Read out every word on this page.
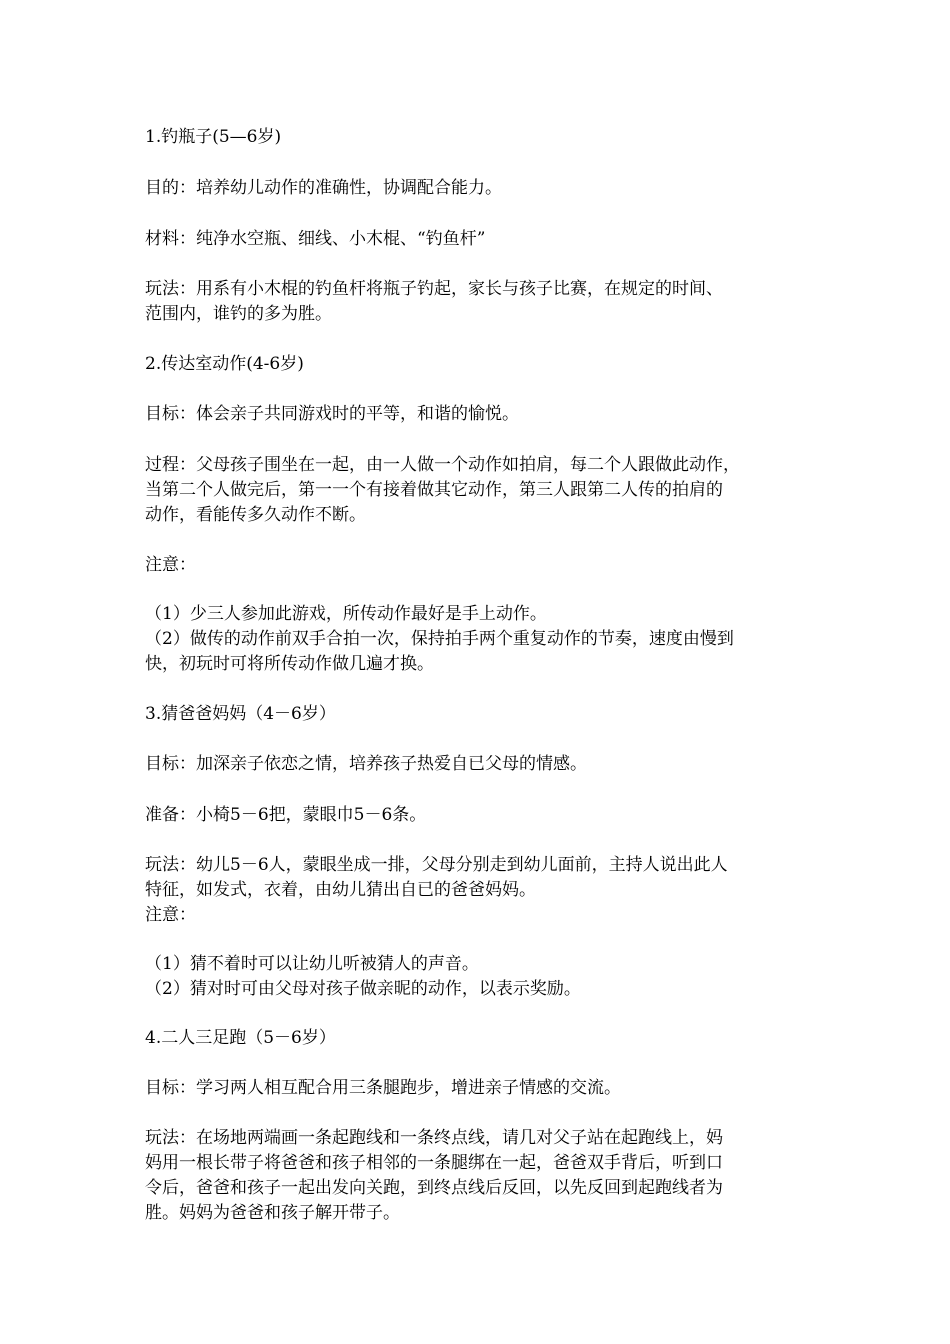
1.钓瓶子(5—6岁)
目的：培养幼儿动作的准确性，协调配合能力。
材料：纯净水空瓶、细线、小木棍、“钓鱼杆”
玩法：用系有小木棍的钓鱼杆将瓶子钓起，家长与孩子比赛，在规定的时间、
范围内，谁钓的多为胜。
2.传达室动作(4-6岁)
目标：体会亲子共同游戏时的平等，和谐的愉悦。
过程：父母孩子围坐在一起，由一人做一个动作如拍肩，每二个人跟做此动作，
当第二个人做完后，第一一个有接着做其它动作，第三人跟第二人传的拍肩的
动作，看能传多久动作不断。
注意：
（1）少三人参加此游戏，所传动作最好是手上动作。
（2）做传的动作前双手合拍一次，保持拍手两个重复动作的节奏，速度由慢到
快，初玩时可将所传动作做几遍才换。
3.猜爸爸妈妈（4－6岁）
目标：加深亲子依恋之情，培养孩子热爱自已父母的情感。
准备：小椅5－6把，蒙眼巾5－6条。
玩法：幼儿5－6人，蒙眼坐成一排，父母分别走到幼儿面前，主持人说出此人
特征，如发式，衣着，由幼儿猜出自已的爸爸妈妈。
注意：
（1）猜不着时可以让幼儿听被猜人的声音。
（2）猜对时可由父母对孩子做亲昵的动作，以表示奖励。
4.二人三足跑（5－6岁）
目标：学习两人相互配合用三条腿跑步，增进亲子情感的交流。
玩法：在场地两端画一条起跑线和一条终点线，请几对父子站在起跑线上，妈
妈用一根长带子将爸爸和孩子相邻的一条腿绑在一起，爸爸双手背后，听到口
令后，爸爸和孩子一起出发向关跑，到终点线后反回，以先反回到起跑线者为
胜。妈妈为爸爸和孩子解开带子。
